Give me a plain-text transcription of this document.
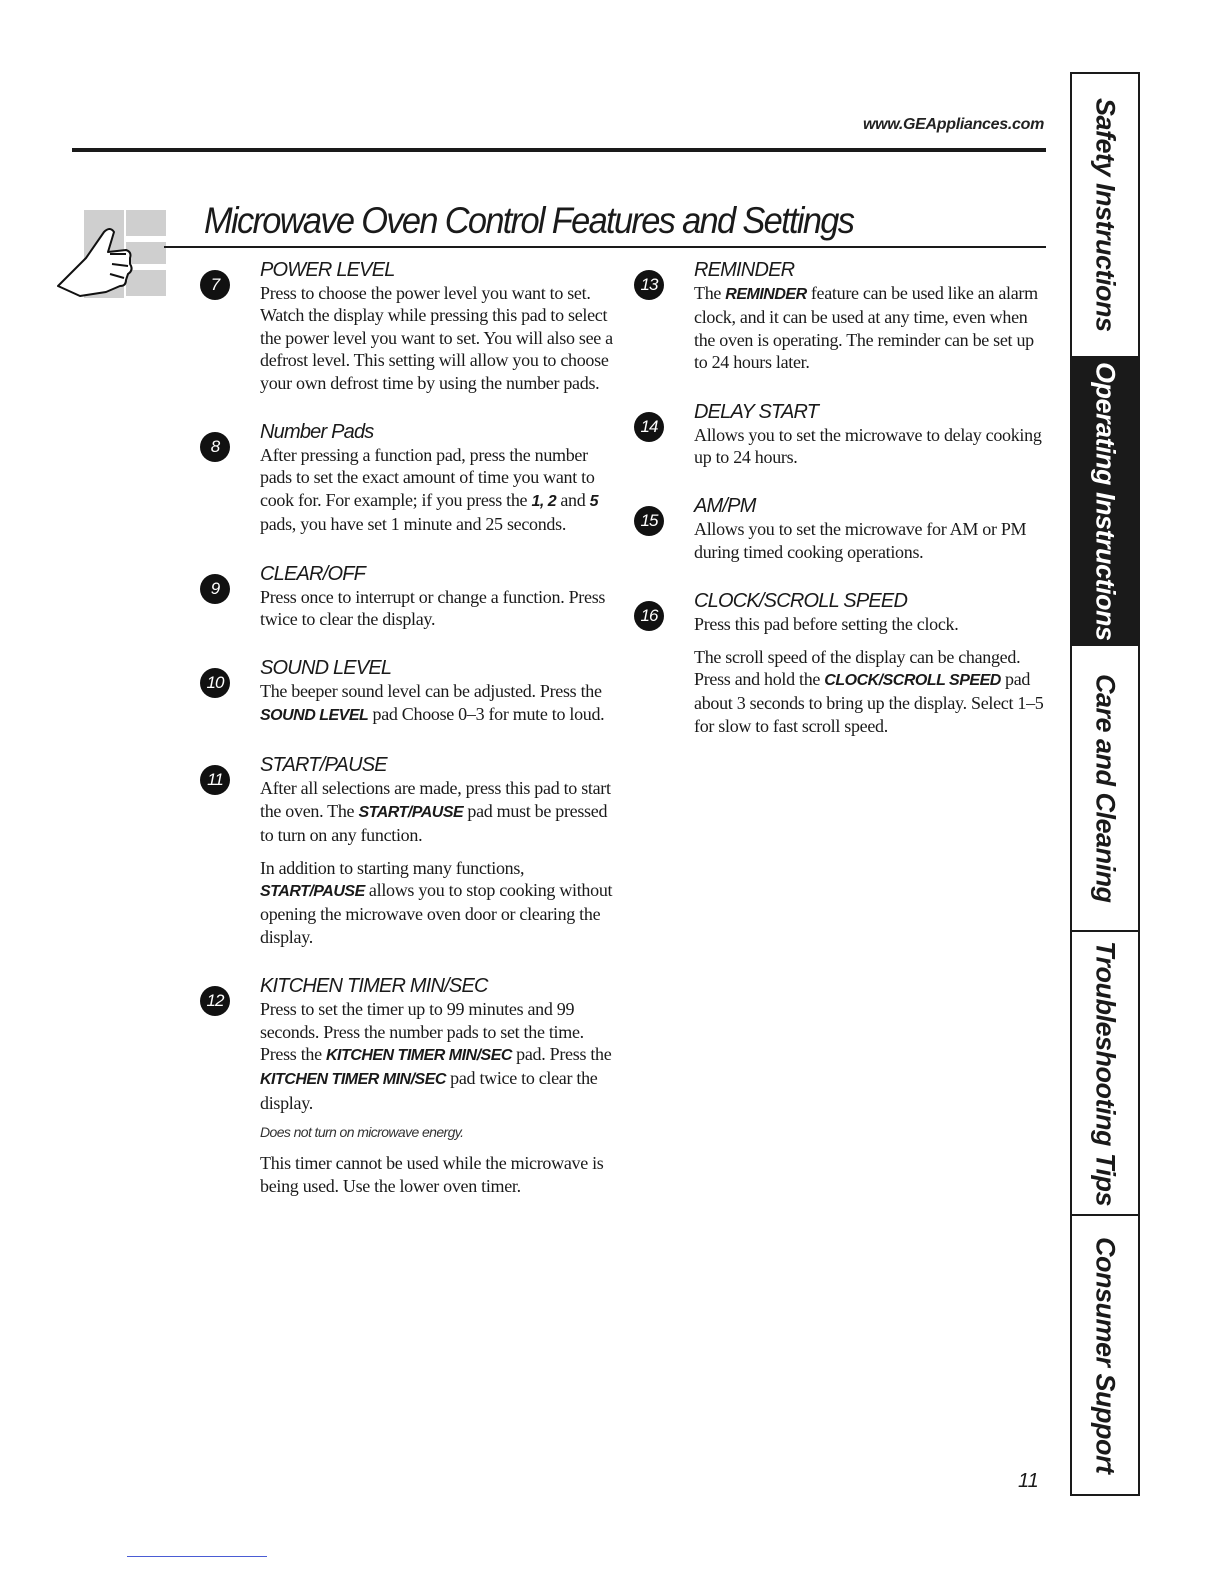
www.GEAppliances.com
Microwave Oven Control Features and Settings
7
POWER LEVEL

Press to choose the power level you want to set. Watch the display while pressing this pad to select the power level you want to set. You will also see a defrost level. This setting will allow you to choose your own defrost time by using the number pads.

8
Number Pads

After pressing a function pad, press the number pads to set the exact amount of time you want to cook for. For example; if you press the 1, 2 and 5 pads, you have set 1 minute and 25 seconds.

9
CLEAR/OFF

Press once to interrupt or change a function. Press twice to clear the display.

10
SOUND LEVEL

The beeper sound level can be adjusted. Press the SOUND LEVEL pad Choose 0–3 for mute to loud.

11
START/PAUSE

After all selections are made, press this pad to start the oven. The START/PAUSE pad must be pressed to turn on any function.

In addition to starting many functions, START/PAUSE allows you to stop cooking without opening the microwave oven door or clearing the display.

12
KITCHEN TIMER MIN/SEC

Press to set the timer up to 99 minutes and 99 seconds. Press the number pads to set the time. Press the KITCHEN TIMER MIN/SEC pad. Press the KITCHEN TIMER MIN/SEC pad twice to clear the display.

Does not turn on microwave energy.

This timer cannot be used while the microwave is being used. Use the lower oven timer.

13
REMINDER

The REMINDER feature can be used like an alarm clock, and it can be used at any time, even when the oven is operating. The reminder can be set up to 24 hours later.

14
DELAY START

Allows you to set the microwave to delay cooking up to 24 hours.

15
AM/PM

Allows you to set the microwave for AM or PM during timed cooking operations.

16
CLOCK/SCROLL SPEED

Press this pad before setting the clock.

The scroll speed of the display can be changed. Press and hold the CLOCK/SCROLL SPEED pad about 3 seconds to bring up the display. Select 1–5 for slow to fast scroll speed.

Safety Instructions
Operating Instructions
Care and Cleaning
Troubleshooting Tips
Consumer Support
11
